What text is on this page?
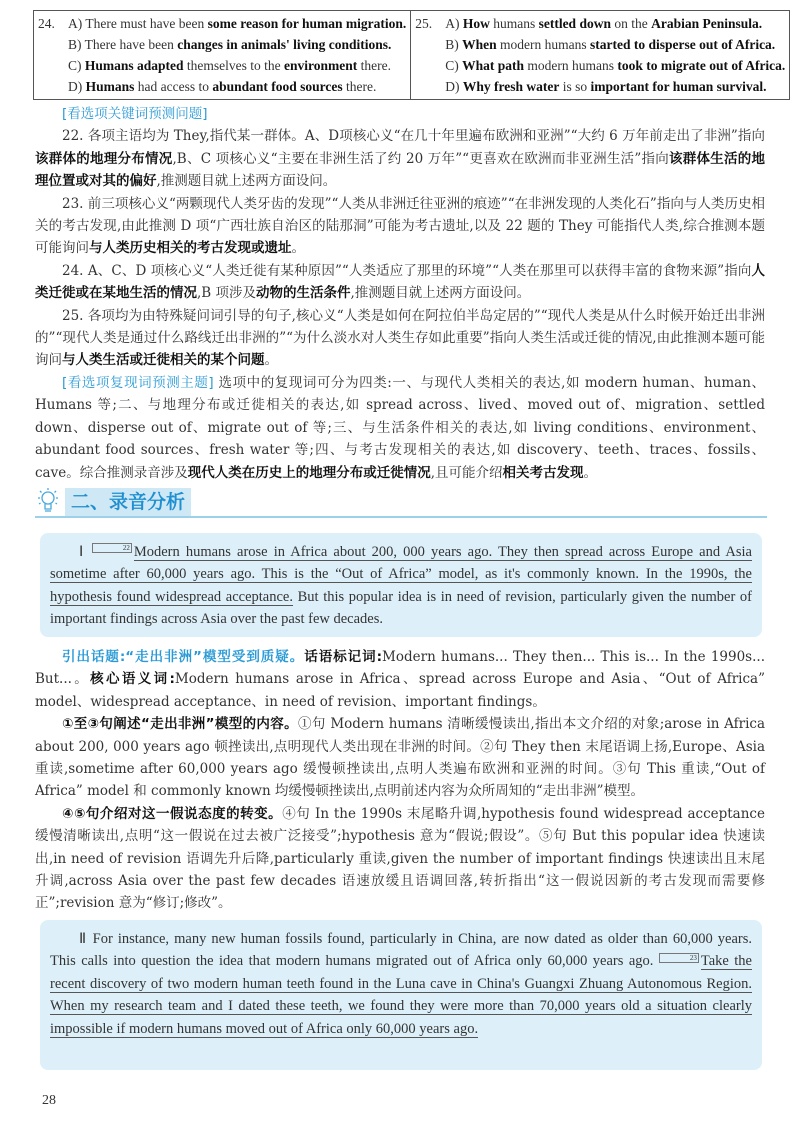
24. A) There must have been some reason for human migration.
B) There have been changes in animals' living conditions.
C) Humans adapted themselves to the environment there.
D) Humans had access to abundant food sources there.

25. A) How humans settled down on the Arabian Peninsula.
B) When modern humans started to disperse out of Africa.
C) What path modern humans took to migrate out of Africa.
D) Why fresh water is so important for human survival.
[看选项关键词预测问题]
22. 各项主语均为 They,指代某一群体。A、D项核心义“在几十年里遍布欧洲和亚洲”“大约 6 万年前走出了非洲”指向该群体的地理分布情况,B、C 项核心义“主要在非洲生活了约 20 万年”“更喜欢在欧洲而非亚洲生活”指向该群体生活的地理位置或对其的偏好,推测题目就上述两方面设问。
23. 前三项核心义“两颗现代人类牙齿的发现”“人类从非洲迁往亚洲的痕迹”“在非洲发现的人类化石”指向与人类历史相关的考古发现,由此推测 D 项“广西壮族自治区的陆那洞”可能为考古遗址,以及 22 题的 They 可能指代人类,综合推测本题可能询问与人类历史相关的考古发现或遗址。
24. A、C、D 项核心义“人类迁徙有某种原因”“人类适应了那里的环境”“人类在那里可以获得丰富的食物来源”指向人类迁徙或在某地生活的情况,B 项涉及动物的生活条件,推测题目就上述两方面设问。
25. 各项均为由特殊疑问词引导的句子,核心义“人类是如何在阿拉伯半岛定居的”“现代人类是从什么时候开始迁出非洲的”“现代人类是通过什么路线迁出非洲的”“为什么淡水对人类生存如此重要”指向人类生活或迁徙的情况,由此推测本题可能询问与人类生活或迁徙相关的某个问题。
[看选项复现词预测主题] 选项中的复现词可分为四类:一、与现代人类相关的表达,如 modern human、human、Humans 等;二、与地理分布或迁徙相关的表达,如 spread across、lived、moved out of、migration、settled down、disperse out of、migrate out of 等;三、与生活条件相关的表达,如 living conditions、environment、abundant food sources、fresh water 等;四、与考古发现相关的表达,如 discovery、teeth、traces、fossils、cave。综合推测录音涉及现代人类在历史上的地理分布或迁徙情况,且可能介绍相关考古发现。
二、录音分析
Ⅰ	22 Modern humans arose in Africa about 200, 000 years ago. They then spread across Europe and Asia sometime after 60,000 years ago. This is the “Out of Africa” model, as it's commonly known. In the 1990s, the hypothesis found widespread acceptance. But this popular idea is in need of revision, particularly given the number of important findings across Asia over the past few decades.
引出话题:“走出非洲”模型受到质疑。话语标记词:Modern humans... They then... This is... In the 1990s... But...。核心语义词:Modern humans arose in Africa、spread across Europe and Asia、“Out of Africa” model、widespread acceptance、in need of revision、important findings。
①至③句阐述“走出非洲”模型的内容。①句 Modern humans 清晰缓慢读出,指出本文介绍的对象;arose in Africa about 200, 000 years ago 顿挫读出,点明现代人类出现在非洲的时间。②句 They then 末尾语调上扬,Europe、Asia 重读,sometime after 60,000 years ago 缓慢顿挫读出,点明人类遍布欧洲和亚洲的时间。③句 This 重读,“Out of Africa” model 和 commonly known 均缓慢顿挫读出,点明前述内容为众所周知的“走出非洲”模型。
④⑤句介绍对这一假说态度的转变。④句 In the 1990s 末尾略升调,hypothesis found widespread acceptance 缓慢清晰读出,点明“这一假说在过去被广泛接受”;hypothesis 意为“假说;假设”。⑤句 But this popular idea 快速读出,in need of revision 语调先升后降,particularly 重读,given the number of important findings 快速读出且末尾升调,across Asia over the past few decades 语速放缓且语调回落,转折指出“这一假说因新的考古发现而需要修正”;revision 意为“修订;修改”。
Ⅱ For instance, many new human fossils found, particularly in China, are now dated as older than 60,000 years. This calls into question the idea that modern humans migrated out of Africa only 60,000 years ago.	23 Take the recent discovery of two modern human teeth found in the Luna cave in China's Guangxi Zhuang Autonomous Region. When my research team and I dated these teeth, we found they were more than 70,000 years old a situation clearly impossible if modern humans moved out of Africa only 60,000 years ago.
28
